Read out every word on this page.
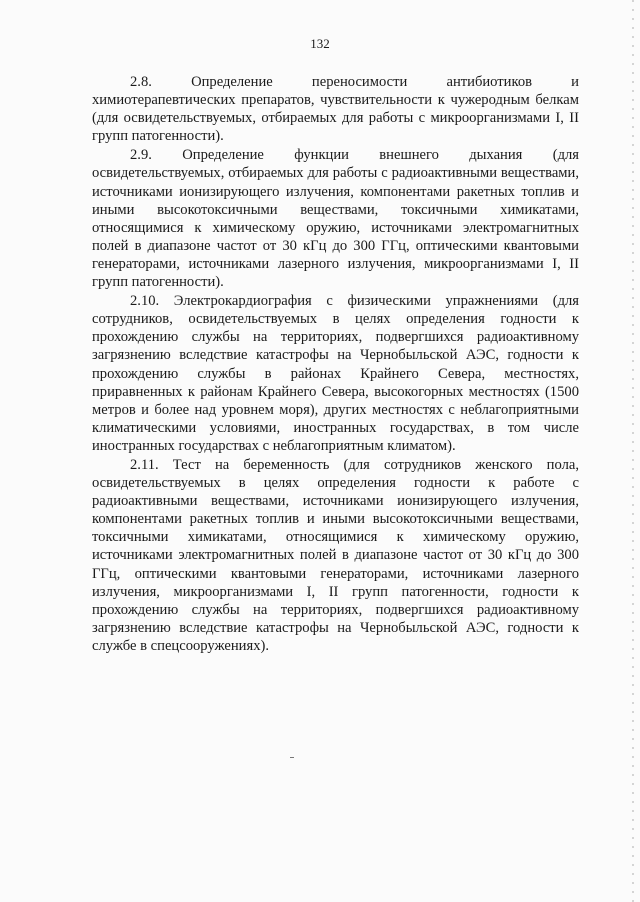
132

2.8. Определение переносимости антибиотиков и химиотерапевтических препаратов, чувствительности к чужеродным белкам (для освидетельствуемых, отбираемых для работы с микроорганизмами I, II групп патогенности).

2.9. Определение функции внешнего дыхания (для освидетельствуемых, отбираемых для работы с радиоактивными веществами, источниками ионизирующего излучения, компонентами ракетных топлив и иными высокотоксичными веществами, токсичными химикатами, относящимися к химическому оружию, источниками электромагнитных полей в диапазоне частот от 30 кГц до 300 ГГц, оптическими квантовыми генераторами, источниками лазерного излучения, микроорганизмами I, II групп патогенности).

2.10. Электрокардиография с физическими упражнениями (для сотрудников, освидетельствуемых в целях определения годности к прохождению службы на территориях, подвергшихся радиоактивному загрязнению вследствие катастрофы на Чернобыльской АЭС, годности к прохождению службы в районах Крайнего Севера, местностях, приравненных к районам Крайнего Севера, высокогорных местностях (1500 метров и более над уровнем моря), других местностях с неблагоприятными климатическими условиями, иностранных государствах, в том числе иностранных государствах с неблагоприятным климатом).

2.11. Тест на беременность (для сотрудников женского пола, освидетельствуемых в целях определения годности к работе с радиоактивными веществами, источниками ионизирующего излучения, компонентами ракетных топлив и иными высокотоксичными веществами, токсичными химикатами, относящимися к химическому оружию, источниками электромагнитных полей в диапазоне частот от 30 кГц до 300 ГГц, оптическими квантовыми генераторами, источниками лазерного излучения, микроорганизмами I, II групп патогенности, годности к прохождению службы на территориях, подвергшихся радиоактивному загрязнению вследствие катастрофы на Чернобыльской АЭС, годности к службе в спецсооружениях).
